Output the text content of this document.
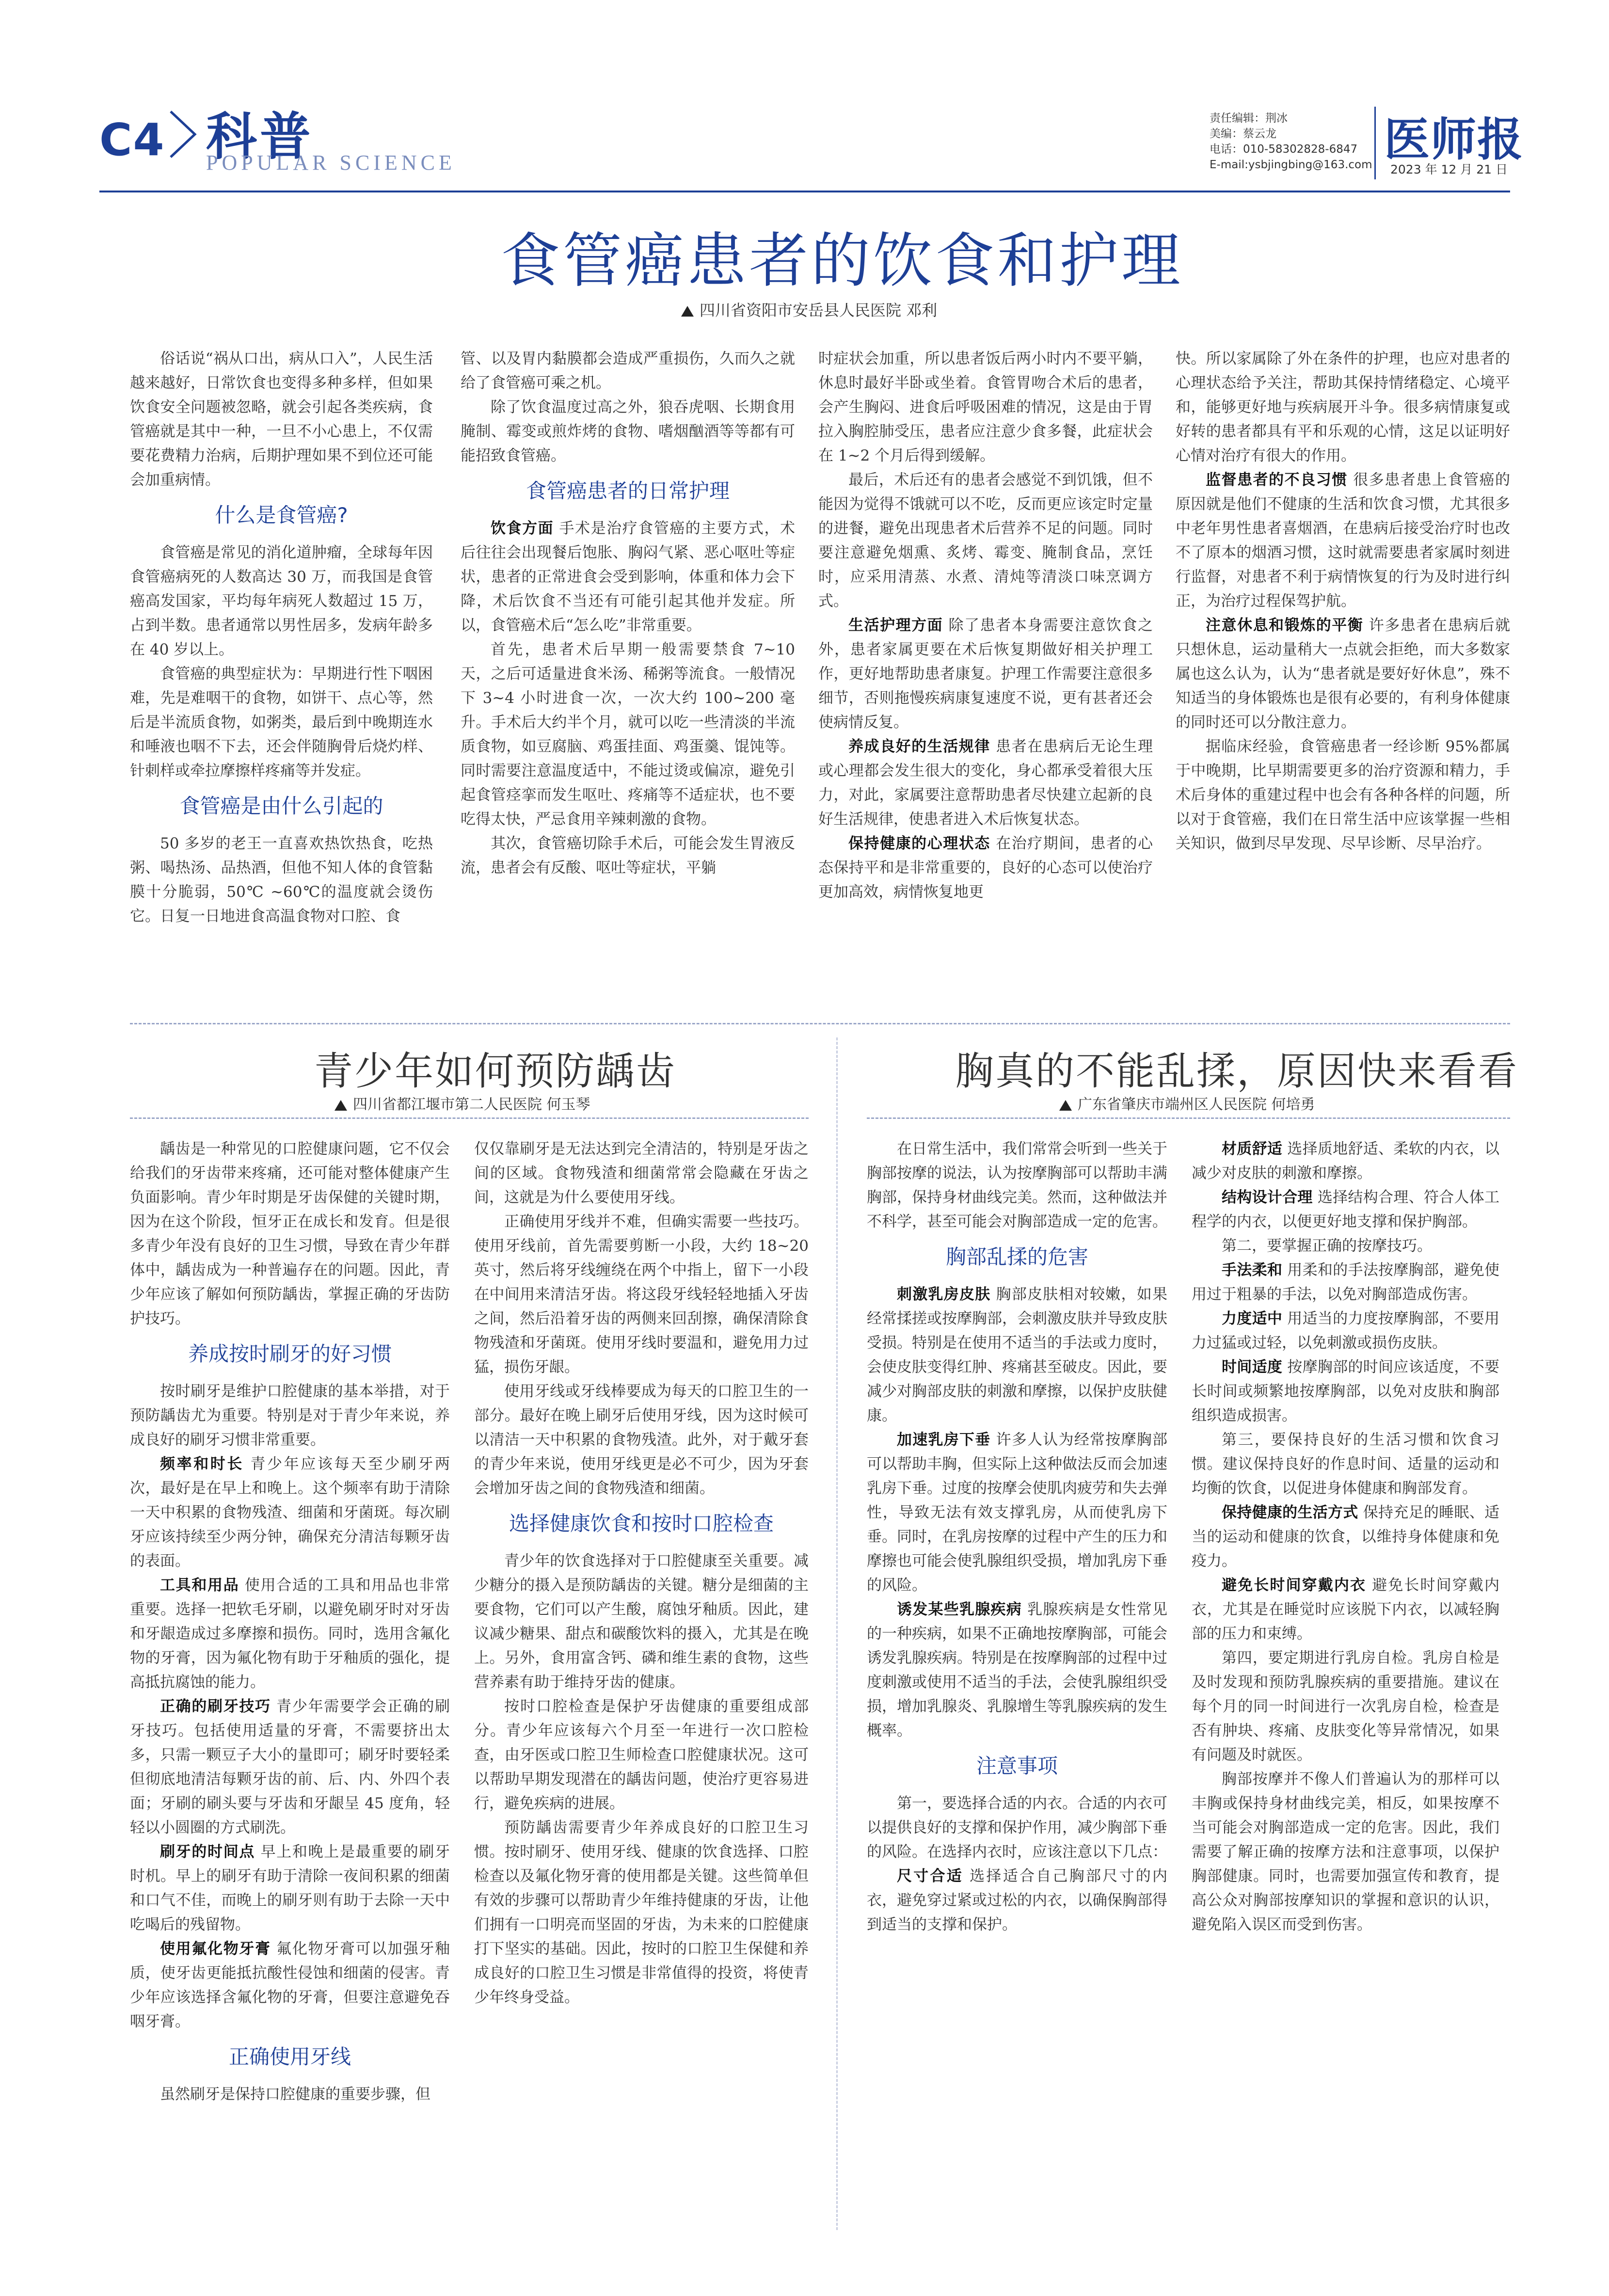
C4 科普
POPULAR SCIENCE
责任编辑：荆冰
美编：蔡云龙
电话：010-58302828-6847
E-mail:ysbjingbing@163.com 医师报
2023 年 12 月 21 日
食管癌患者的饮食和护理
四川省资阳市安岳县人民医院 邓利

俗话说“祸从口出，病从口入”，人民生活越来越好，日常饮食也变得多种多样，但如果饮食安全问题被忽略，就会引起各类疾病，食管癌就是其中一种，一旦不小心患上，不仅需要花费精力治病，后期护理如果不到位还可能会加重病情。

什么是食管癌?

食管癌是常见的消化道肿瘤，全球每年因食管癌病死的人数高达 30 万，而我国是食管癌高发国家，平均每年病死人数超过 15 万，占到半数。患者通常以男性居多，发病年龄多在 40 岁以上。

食管癌的典型症状为：早期进行性下咽困难，先是难咽干的食物，如饼干、点心等，然后是半流质食物，如粥类，最后到中晚期连水和唾液也咽不下去，还会伴随胸骨后烧灼样、针刺样或牵拉摩擦样疼痛等并发症。

食管癌是由什么引起的

50 多岁的老王一直喜欢热饮热食，吃热粥、喝热汤、品热酒，但他不知人体的食管黏膜十分脆弱，50℃ ~60℃的温度就会烫伤它。日复一日地进食高温食物对口腔、食

管、以及胃内黏膜都会造成严重损伤，久而久之就给了食管癌可乘之机。

除了饮食温度过高之外，狼吞虎咽、长期食用腌制、霉变或煎炸烤的食物、嗜烟酗酒等等都有可能招致食管癌。

食管癌患者的日常护理

饮食方面 手术是治疗食管癌的主要方式，术后往往会出现餐后饱胀、胸闷气紧、恶心呕吐等症状，患者的正常进食会受到影响，体重和体力会下降，术后饮食不当还有可能引起其他并发症。所以，食管癌术后“怎么吃”非常重要。

首先，患者术后早期一般需要禁食 7~10 天，之后可适量进食米汤、稀粥等流食。一般情况下 3~4 小时进食一次，一次大约 100~200 毫升。手术后大约半个月，就可以吃一些清淡的半流质食物，如豆腐脑、鸡蛋挂面、鸡蛋羹、馄饨等。同时需要注意温度适中，不能过烫或偏凉，避免引起食管痉挛而发生呕吐、疼痛等不适症状，也不要吃得太快，严忌食用辛辣刺激的食物。

其次，食管癌切除手术后，可能会发生胃液反流，患者会有反酸、呕吐等症状，平躺

时症状会加重，所以患者饭后两小时内不要平躺，休息时最好半卧或坐着。食管胃吻合术后的患者，会产生胸闷、进食后呼吸困难的情况，这是由于胃拉入胸腔肺受压，患者应注意少食多餐，此症状会在 1~2 个月后得到缓解。

最后，术后还有的患者会感觉不到饥饿，但不能因为觉得不饿就可以不吃，反而更应该定时定量的进餐，避免出现患者术后营养不足的问题。同时要注意避免烟熏、炙烤、霉变、腌制食品，烹饪时，应采用清蒸、水煮、清炖等清淡口味烹调方式。

生活护理方面 除了患者本身需要注意饮食之外，患者家属更要在术后恢复期做好相关护理工作，更好地帮助患者康复。护理工作需要注意很多细节，否则拖慢疾病康复速度不说，更有甚者还会使病情反复。

养成良好的生活规律 患者在患病后无论生理或心理都会发生很大的变化，身心都承受着很大压力，对此，家属要注意帮助患者尽快建立起新的良好生活规律，使患者进入术后恢复状态。

保持健康的心理状态 在治疗期间，患者的心态保持平和是非常重要的，良好的心态可以使治疗更加高效，病情恢复地更

快。所以家属除了外在条件的护理，也应对患者的心理状态给予关注，帮助其保持情绪稳定、心境平和，能够更好地与疾病展开斗争。很多病情康复或好转的患者都具有平和乐观的心情，这足以证明好心情对治疗有很大的作用。

监督患者的不良习惯 很多患者患上食管癌的原因就是他们不健康的生活和饮食习惯，尤其很多中老年男性患者喜烟酒，在患病后接受治疗时也改不了原本的烟酒习惯，这时就需要患者家属时刻进行监督，对患者不利于病情恢复的行为及时进行纠正，为治疗过程保驾护航。

注意休息和锻炼的平衡 许多患者在患病后就只想休息，运动量稍大一点就会拒绝，而大多数家属也这么认为，认为“患者就是要好好休息”，殊不知适当的身体锻炼也是很有必要的，有利身体健康的同时还可以分散注意力。

据临床经验，食管癌患者一经诊断 95%都属于中晚期，比早期需要更多的治疗资源和精力，手术后身体的重建过程中也会有各种各样的问题，所以对于食管癌，我们在日常生活中应该掌握一些相关知识，做到尽早发现、尽早诊断、尽早治疗。

青少年如何预防龋齿
四川省都江堰市第二人民医院 何玉琴

龋齿是一种常见的口腔健康问题，它不仅会给我们的牙齿带来疼痛，还可能对整体健康产生负面影响。青少年时期是牙齿保健的关键时期，因为在这个阶段，恒牙正在成长和发育。但是很多青少年没有良好的卫生习惯，导致在青少年群体中，龋齿成为一种普遍存在的问题。因此，青少年应该了解如何预防龋齿，掌握正确的牙齿防护技巧。

养成按时刷牙的好习惯

按时刷牙是维护口腔健康的基本举措，对于预防龋齿尤为重要。特别是对于青少年来说，养成良好的刷牙习惯非常重要。

频率和时长 青少年应该每天至少刷牙两次，最好是在早上和晚上。这个频率有助于清除一天中积累的食物残渣、细菌和牙菌斑。每次刷牙应该持续至少两分钟，确保充分清洁每颗牙齿的表面。

工具和用品 使用合适的工具和用品也非常重要。选择一把软毛牙刷，以避免刷牙时对牙齿和牙龈造成过多摩擦和损伤。同时，选用含氟化物的牙膏，因为氟化物有助于牙釉质的强化，提高抵抗腐蚀的能力。

正确的刷牙技巧 青少年需要学会正确的刷牙技巧。包括使用适量的牙膏，不需要挤出太多，只需一颗豆子大小的量即可；刷牙时要轻柔但彻底地清洁每颗牙齿的前、后、内、外四个表面；牙刷的刷头要与牙齿和牙龈呈 45 度角，轻轻以小圆圈的方式刷洗。

刷牙的时间点 早上和晚上是最重要的刷牙时机。早上的刷牙有助于清除一夜间积累的细菌和口气不佳，而晚上的刷牙则有助于去除一天中吃喝后的残留物。

使用氟化物牙膏 氟化物牙膏可以加强牙釉质，使牙齿更能抵抗酸性侵蚀和细菌的侵害。青少年应该选择含氟化物的牙膏，但要注意避免吞咽牙膏。

正确使用牙线

虽然刷牙是保持口腔健康的重要步骤，但

仅仅靠刷牙是无法达到完全清洁的，特别是牙齿之间的区域。食物残渣和细菌常常会隐藏在牙齿之间，这就是为什么要使用牙线。

正确使用牙线并不难，但确实需要一些技巧。使用牙线前，首先需要剪断一小段，大约 18~20 英寸，然后将牙线缠绕在两个中指上，留下一小段在中间用来清洁牙齿。将这段牙线轻轻地插入牙齿之间，然后沿着牙齿的两侧来回刮擦，确保清除食物残渣和牙菌斑。使用牙线时要温和，避免用力过猛，损伤牙龈。

使用牙线或牙线棒要成为每天的口腔卫生的一部分。最好在晚上刷牙后使用牙线，因为这时候可以清洁一天中积累的食物残渣。此外，对于戴牙套的青少年来说，使用牙线更是必不可少，因为牙套会增加牙齿之间的食物残渣和细菌。

选择健康饮食和按时口腔检查

青少年的饮食选择对于口腔健康至关重要。减少糖分的摄入是预防龋齿的关键。糖分是细菌的主要食物，它们可以产生酸，腐蚀牙釉质。因此，建议减少糖果、甜点和碳酸饮料的摄入，尤其是在晚上。另外，食用富含钙、磷和维生素的食物，这些营养素有助于维持牙齿的健康。

按时口腔检查是保护牙齿健康的重要组成部分。青少年应该每六个月至一年进行一次口腔检查，由牙医或口腔卫生师检查口腔健康状况。这可以帮助早期发现潜在的龋齿问题，使治疗更容易进行，避免疾病的进展。

预防龋齿需要青少年养成良好的口腔卫生习惯。按时刷牙、使用牙线、健康的饮食选择、口腔检查以及氟化物牙膏的使用都是关键。这些简单但有效的步骤可以帮助青少年维持健康的牙齿，让他们拥有一口明亮而坚固的牙齿，为未来的口腔健康打下坚实的基础。因此，按时的口腔卫生保健和养成良好的口腔卫生习惯是非常值得的投资，将使青少年终身受益。

胸真的不能乱揉，原因快来看看
广东省肇庆市端州区人民医院 何培勇

在日常生活中，我们常常会听到一些关于胸部按摩的说法，认为按摩胸部可以帮助丰满胸部，保持身材曲线完美。然而，这种做法并不科学，甚至可能会对胸部造成一定的危害。

胸部乱揉的危害

刺激乳房皮肤 胸部皮肤相对较嫩，如果经常揉搓或按摩胸部，会刺激皮肤并导致皮肤受损。特别是在使用不适当的手法或力度时，会使皮肤变得红肿、疼痛甚至破皮。因此，要减少对胸部皮肤的刺激和摩擦，以保护皮肤健康。

加速乳房下垂 许多人认为经常按摩胸部可以帮助丰胸，但实际上这种做法反而会加速乳房下垂。过度的按摩会使肌肉疲劳和失去弹性，导致无法有效支撑乳房，从而使乳房下垂。同时，在乳房按摩的过程中产生的压力和摩擦也可能会使乳腺组织受损，增加乳房下垂的风险。

诱发某些乳腺疾病 乳腺疾病是女性常见的一种疾病，如果不正确地按摩胸部，可能会诱发乳腺疾病。特别是在按摩胸部的过程中过度刺激或使用不适当的手法，会使乳腺组织受损，增加乳腺炎、乳腺增生等乳腺疾病的发生概率。

注意事项

第一，要选择合适的内衣。合适的内衣可以提供良好的支撑和保护作用，减少胸部下垂的风险。在选择内衣时，应该注意以下几点：

尺寸合适 选择适合自己胸部尺寸的内衣，避免穿过紧或过松的内衣，以确保胸部得到适当的支撑和保护。

材质舒适 选择质地舒适、柔软的内衣，以减少对皮肤的刺激和摩擦。

结构设计合理 选择结构合理、符合人体工程学的内衣，以便更好地支撑和保护胸部。

第二，要掌握正确的按摩技巧。

手法柔和 用柔和的手法按摩胸部，避免使用过于粗暴的手法，以免对胸部造成伤害。

力度适中 用适当的力度按摩胸部，不要用力过猛或过轻，以免刺激或损伤皮肤。

时间适度 按摩胸部的时间应该适度，不要长时间或频繁地按摩胸部，以免对皮肤和胸部组织造成损害。

第三，要保持良好的生活习惯和饮食习惯。建议保持良好的作息时间、适量的运动和均衡的饮食，以促进身体健康和胸部发育。

保持健康的生活方式 保持充足的睡眠、适当的运动和健康的饮食，以维持身体健康和免疫力。

避免长时间穿戴内衣 避免长时间穿戴内衣，尤其是在睡觉时应该脱下内衣，以减轻胸部的压力和束缚。

第四，要定期进行乳房自检。乳房自检是及时发现和预防乳腺疾病的重要措施。建议在每个月的同一时间进行一次乳房自检，检查是否有肿块、疼痛、皮肤变化等异常情况，如果有问题及时就医。

胸部按摩并不像人们普遍认为的那样可以丰胸或保持身材曲线完美，相反，如果按摩不当可能会对胸部造成一定的危害。因此，我们需要了解正确的按摩方法和注意事项，以保护胸部健康。同时，也需要加强宣传和教育，提高公众对胸部按摩知识的掌握和意识的认识，避免陷入误区而受到伤害。
